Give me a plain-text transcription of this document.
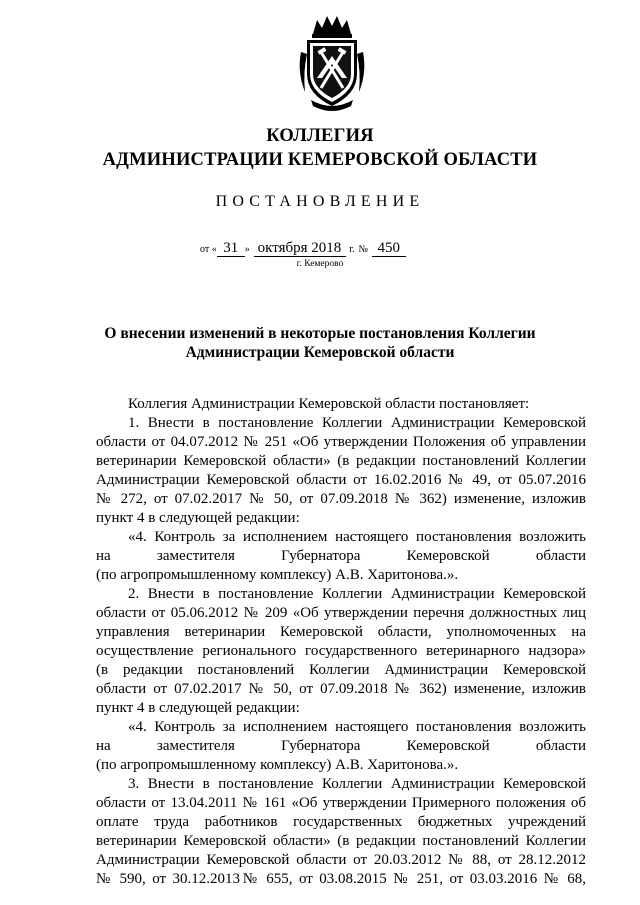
КОЛЛЕГИЯ
АДМИНИСТРАЦИИ КЕМЕРОВСКОЙ ОБЛАСТИ
ПОСТАНОВЛЕНИЕ
от « 31 » октября 2018 г. № 450
г. Кемерово
О внесении изменений в некоторые постановления Коллегии
Администрации Кемеровской области
Коллегия Администрации Кемеровской области постановляет:
1. Внести в постановление Коллегии Администрации Кемеровской
области от 04.07.2012 № 251 «Об утверждении Положения об управлении
ветеринарии Кемеровской области» (в редакции постановлений Коллегии
Администрации Кемеровской области от 16.02.2016 № 49, от 05.07.2016
№ 272, от 07.02.2017 № 50, от 07.09.2018 № 362) изменение, изложив
пункт 4 в следующей редакции:
«4. Контроль за исполнением настоящего постановления возложить
на заместителя Губернатора Кемеровской области
(по агропромышленному комплексу) А.В. Харитонова.».
2. Внести в постановление Коллегии Администрации Кемеровской
области от 05.06.2012 № 209 «Об утверждении перечня должностных лиц
управления ветеринарии Кемеровской области, уполномоченных на
осуществление регионального государственного ветеринарного надзора»
(в редакции постановлений Коллегии Администрации Кемеровской
области от 07.02.2017 № 50, от 07.09.2018 № 362) изменение, изложив
пункт 4 в следующей редакции:
«4. Контроль за исполнением настоящего постановления возложить
на заместителя Губернатора Кемеровской области
(по агропромышленному комплексу) А.В. Харитонова.».
3. Внести в постановление Коллегии Администрации Кемеровской
области от 13.04.2011 № 161 «Об утверждении Примерного положения об
оплате труда работников государственных бюджетных учреждений
ветеринарии Кемеровской области» (в редакции постановлений Коллегии
Администрации Кемеровской области от 20.03.2012 № 88, от 28.12.2012
№ 590, от 30.12.2013№ 655, от 03.08.2015 № 251, от 03.03.2016 № 68,
